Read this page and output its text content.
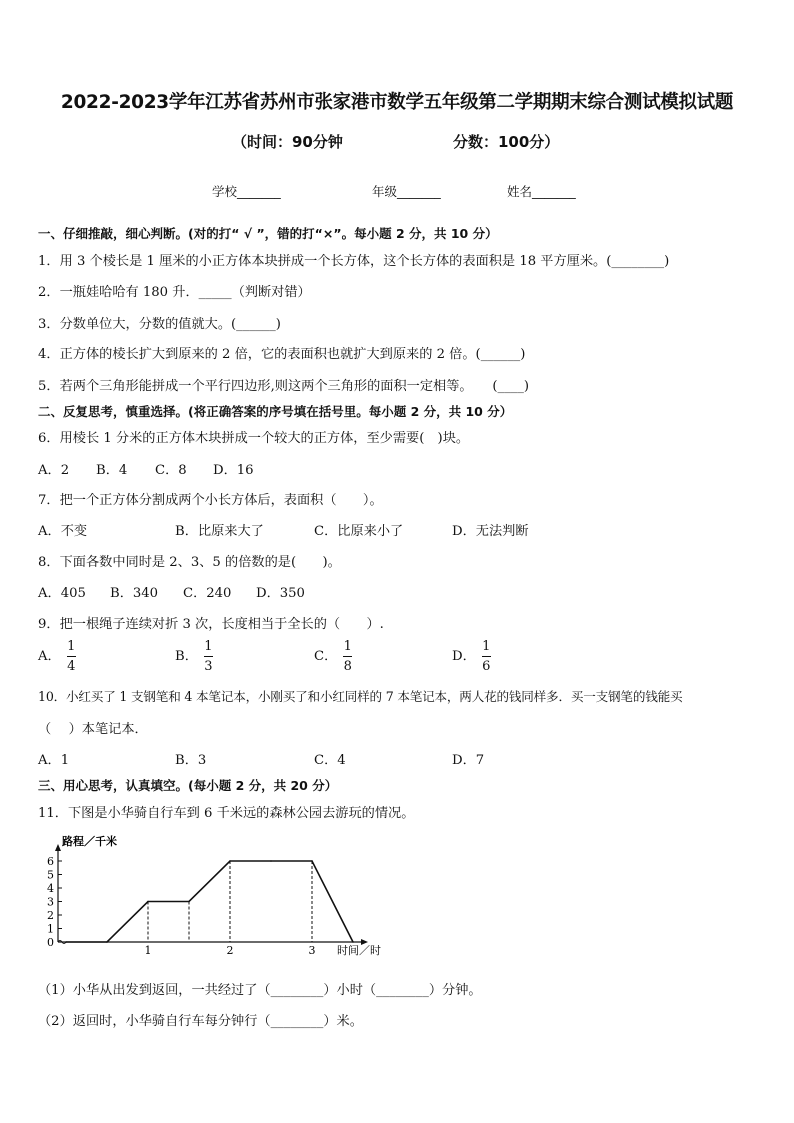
2022-2023学年江苏省苏州市张家港市数学五年级第二学期期末综合测试模拟试题
（时间：90分钟	分数：100分）
学校_______	年级_______	姓名_______
一、仔细推敲，细心判断。(对的打“ √ ”，错的打“×”。每小题 2 分，共 10 分）
1．用 3 个棱长是 1 厘米的小正方体本块拼成一个长方体，这个长方体的表面积是 18 平方厘米。(________)
2．一瓶娃哈哈有 180 升．_____（判断对错）
3．分数单位大，分数的值就大。(______)
4．正方体的棱长扩大到原来的 2 倍，它的表面积也就扩大到原来的 2 倍。(______)
5．若两个三角形能拼成一个平行四边形,则这两个三角形的面积一定相等。　　(____)
二、反复思考，慎重选择。(将正确答案的序号填在括号里。每小题 2 分，共 10 分）
6．用棱长 1 分米的正方体木块拼成一个较大的正方体，至少需要(　)块。
A．2 B．4 C．8 D．16
7．把一个正方体分割成两个小长方体后，表面积（　　）。
A．不变	B．比原来大了	C．比原来小了	D．无法判断
8．下面各数中同时是 2、3、5 的倍数的是(　　)。
A．405 B．340 C．240 D．350
9．把一根绳子连续对折 3 次，长度相当于全长的（　　）.
A． $\frac{1}{4}$	B． $\frac{1}{3}$	C． $\frac{1}{8}$	D． $\frac{1}{6}$
10．小红买了 1 支钢笔和 4 本笔记本，小刚买了和小红同样的 7 本笔记本，两人花的钱同样多．买一支钢笔的钱能买
（　 ）本笔记本．
A．1	B．3	C．4	D．7
三、用心思考，认真填空。(每小题 2 分，共 20 分）
11．下图是小华骑自行车到 6 千米远的森林公园去游玩的情况。
0
1
2
3
4
5
6
1	2	3
路程／千米
时间／时
（1）小华从出发到返回，一共经过了（________）小时（________）分钟。
（2）返回时，小华骑自行车每分钟行（________）米。
